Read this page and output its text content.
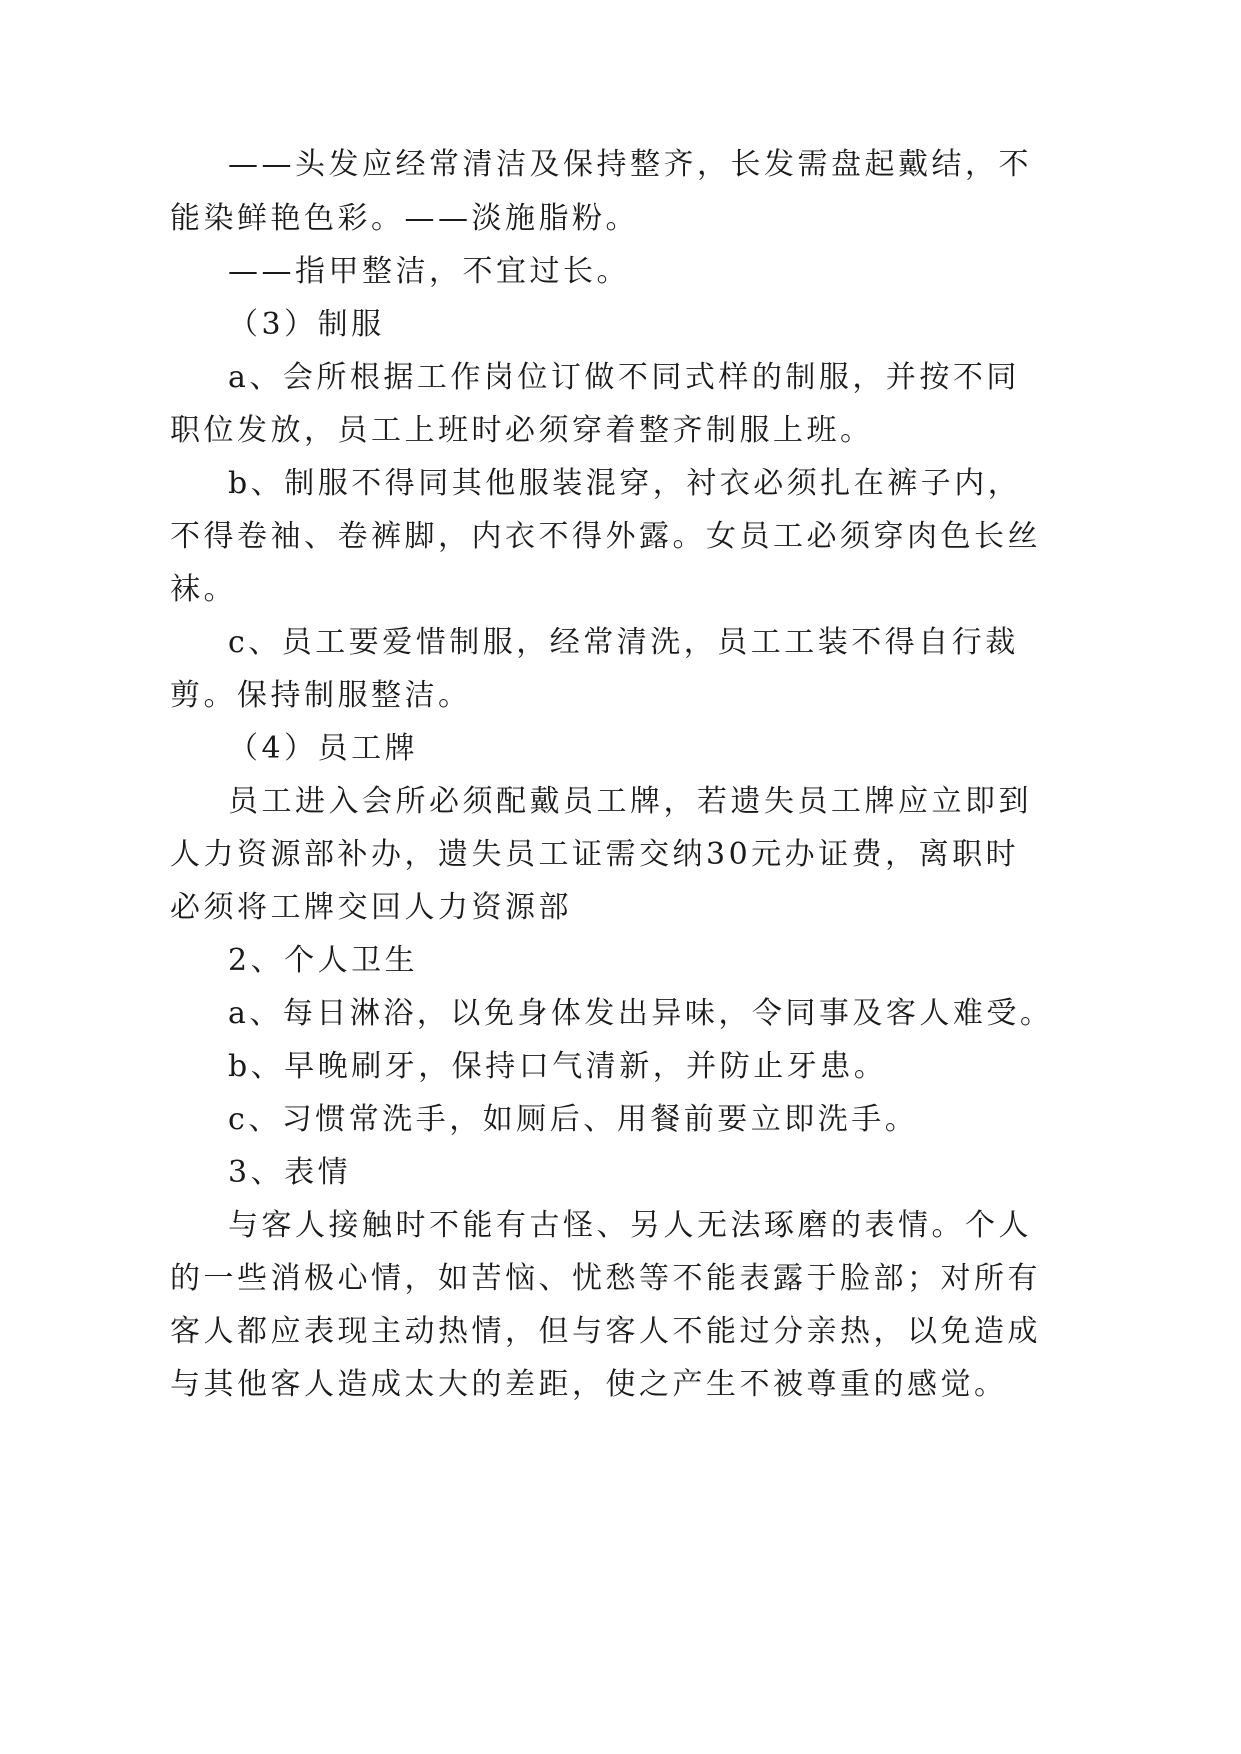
——头发应经常清洁及保持整齐，长发需盘起戴结，不
能染鲜艳色彩。——淡施脂粉。
——指甲整洁，不宜过长。
（3）制服
a、会所根据工作岗位订做不同式样的制服，并按不同
职位发放，员工上班时必须穿着整齐制服上班。
b、制服不得同其他服装混穿，衬衣必须扎在裤子内，
不得卷袖、卷裤脚，内衣不得外露。女员工必须穿肉色长丝
袜。
c、员工要爱惜制服，经常清洗，员工工装不得自行裁
剪。保持制服整洁。
（4）员工牌
员工进入会所必须配戴员工牌，若遗失员工牌应立即到
人力资源部补办，遗失员工证需交纳30元办证费，离职时
必须将工牌交回人力资源部
2、个人卫生
a、每日淋浴，以免身体发出异味，令同事及客人难受。
b、早晚刷牙，保持口气清新，并防止牙患。
c、习惯常洗手，如厕后、用餐前要立即洗手。
3、表情
与客人接触时不能有古怪、另人无法琢磨的表情。个人
的一些消极心情，如苦恼、忧愁等不能表露于脸部；对所有
客人都应表现主动热情，但与客人不能过分亲热，以免造成
与其他客人造成太大的差距，使之产生不被尊重的感觉。
